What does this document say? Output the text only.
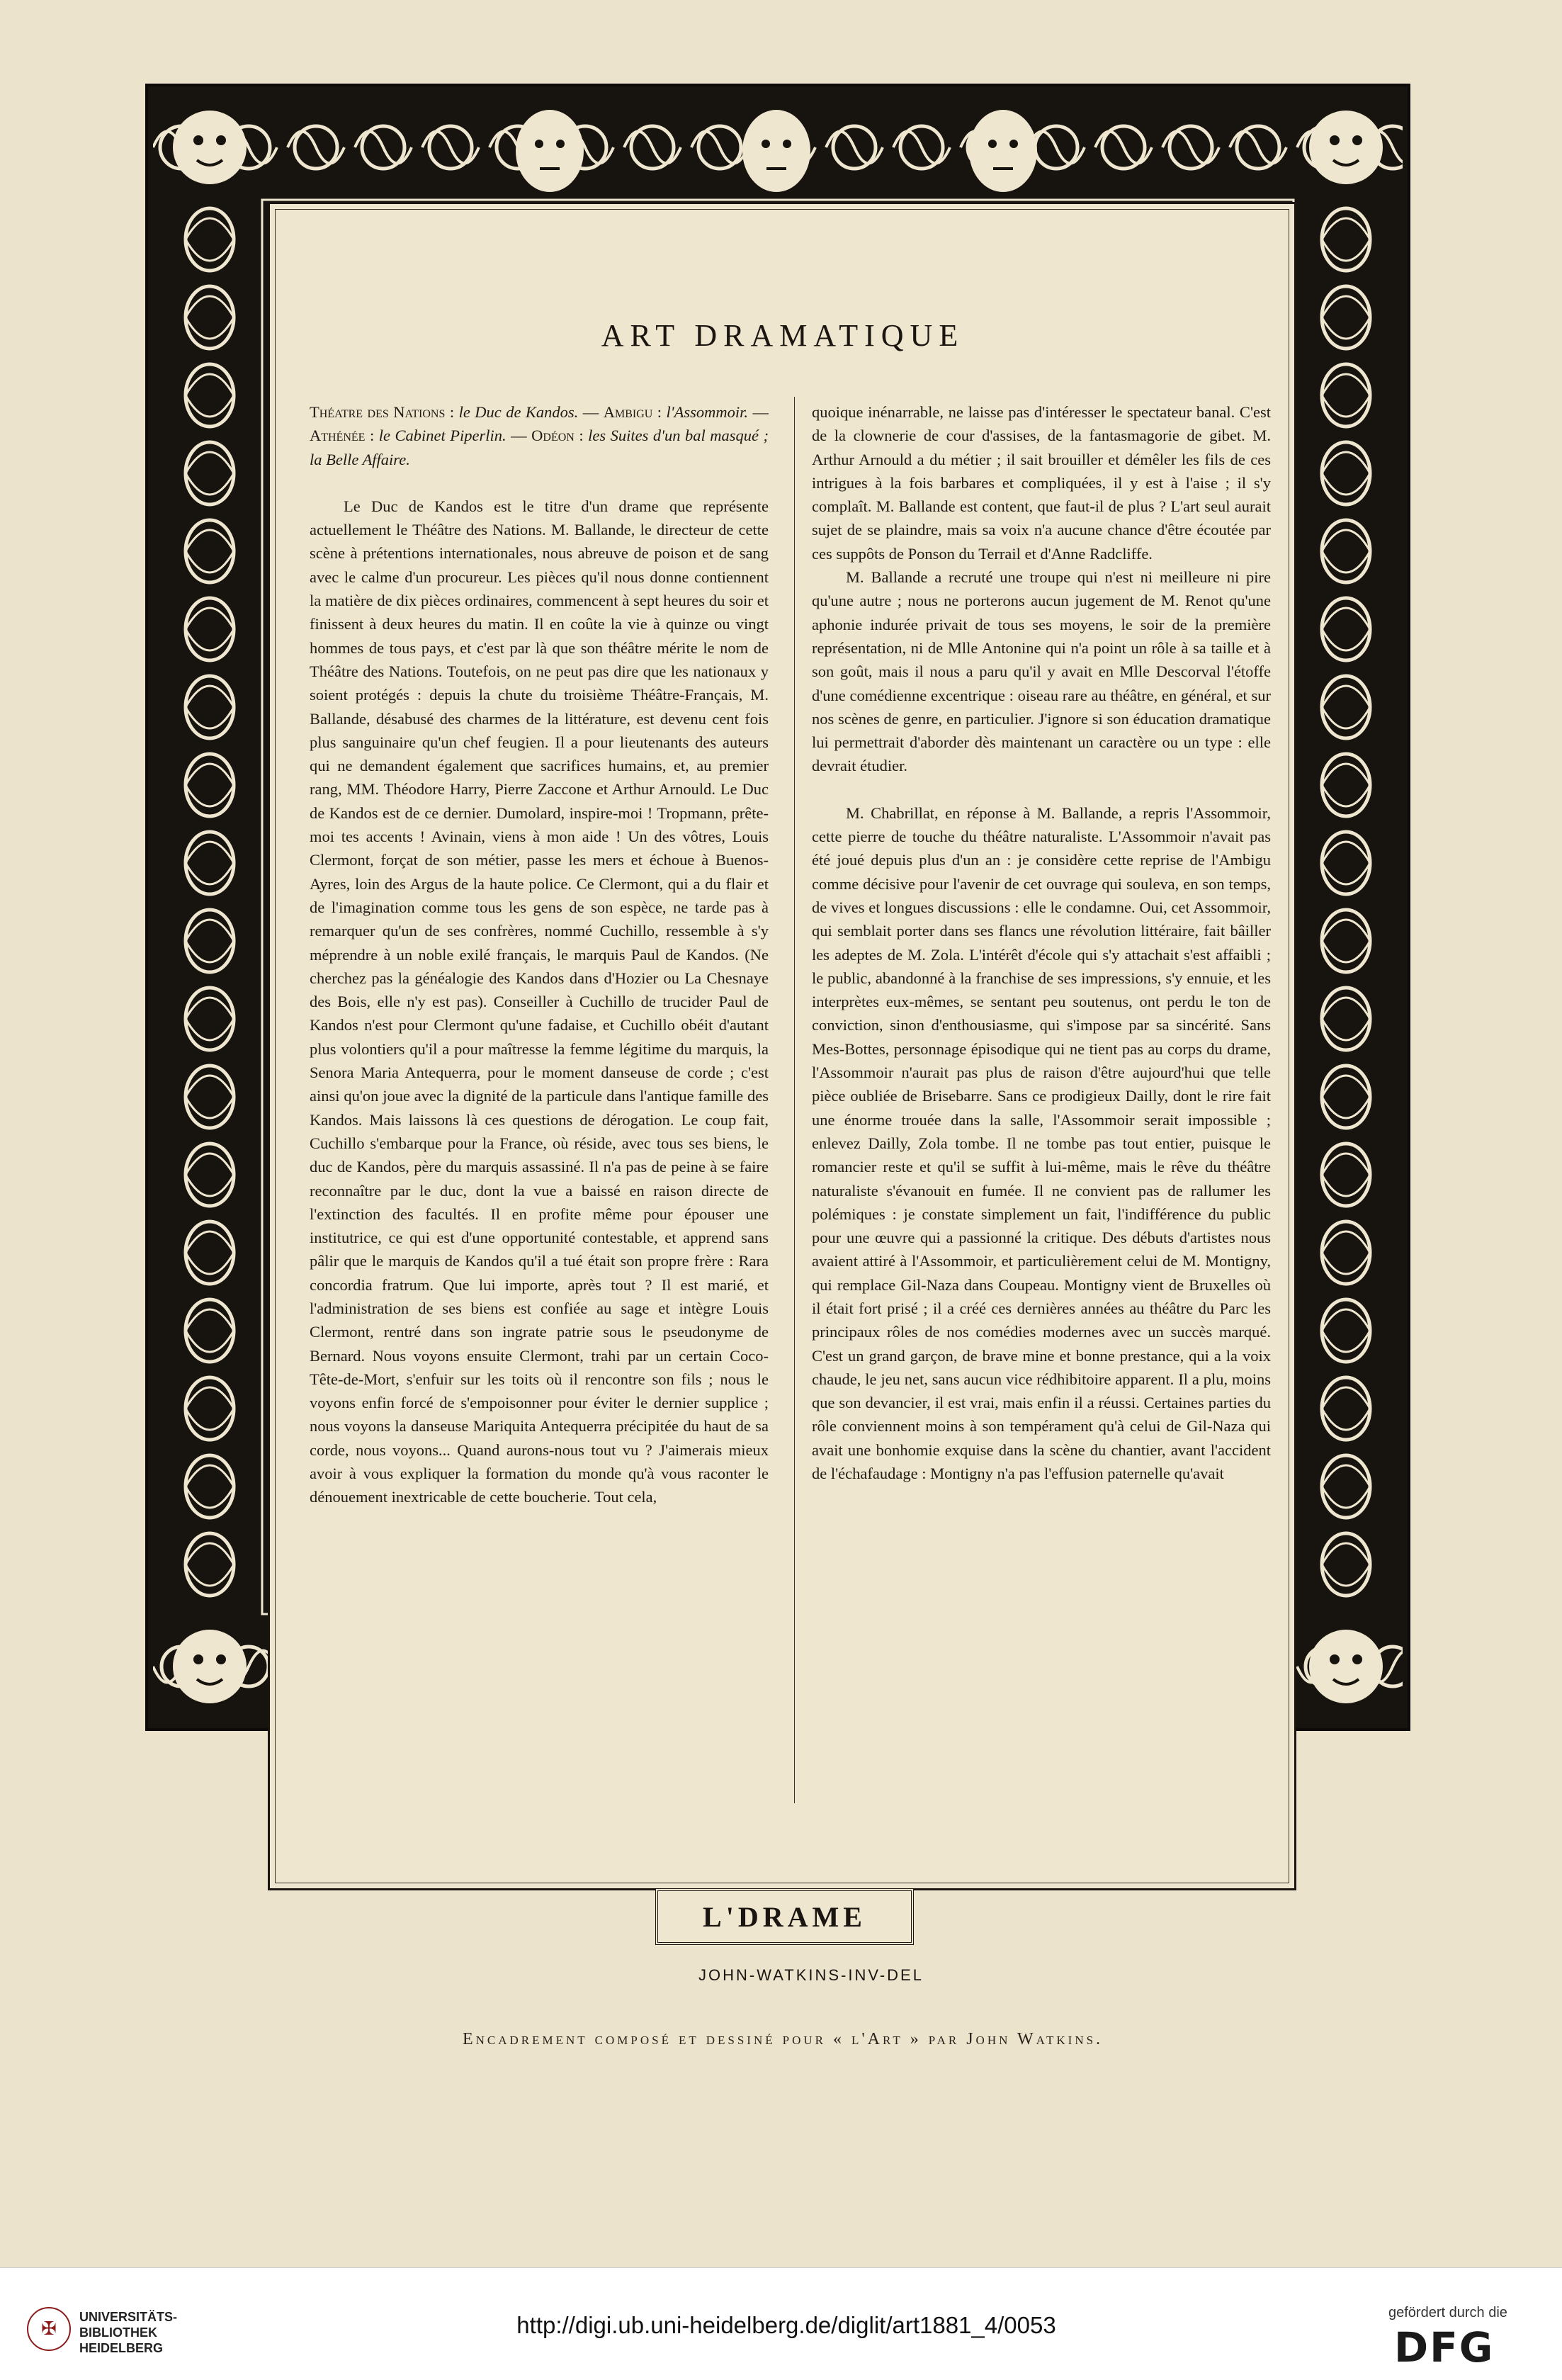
ART DRAMATIQUE

Théatre des Nations : le Duc de Kandos. — Ambigu : l'Assommoir. — Athénée : le Cabinet Piperlin. — Odéon : les Suites d'un bal masqué ; la Belle Affaire.

Le Duc de Kandos est le titre d'un drame que représente actuellement le Théâtre des Nations. M. Ballande, le directeur de cette scène à prétentions internationales, nous abreuve de poison et de sang avec le calme d'un procureur. Les pièces qu'il nous donne contiennent la matière de dix pièces ordinaires, commencent à sept heures du soir et finissent à deux heures du matin. Il en coûte la vie à quinze ou vingt hommes de tous pays, et c'est par là que son théâtre mérite le nom de Théâtre des Nations. Toutefois, on ne peut pas dire que les nationaux y soient protégés : depuis la chute du troisième Théâtre-Français, M. Ballande, désabusé des charmes de la littérature, est devenu cent fois plus sanguinaire qu'un chef feugien. Il a pour lieutenants des auteurs qui ne demandent également que sacrifices humains, et, au premier rang, MM. Théodore Harry, Pierre Zaccone et Arthur Arnould. Le Duc de Kandos est de ce dernier. Dumolard, inspire-moi ! Tropmann, prête-moi tes accents ! Avinain, viens à mon aide ! Un des vôtres, Louis Clermont, forçat de son métier, passe les mers et échoue à Buenos-Ayres, loin des Argus de la haute police. Ce Clermont, qui a du flair et de l'imagination comme tous les gens de son espèce, ne tarde pas à remarquer qu'un de ses confrères, nommé Cuchillo, ressemble à s'y méprendre à un noble exilé français, le marquis Paul de Kandos. (Ne cherchez pas la généalogie des Kandos dans d'Hozier ou La Chesnaye des Bois, elle n'y est pas). Conseiller à Cuchillo de trucider Paul de Kandos n'est pour Clermont qu'une fadaise, et Cuchillo obéit d'autant plus volontiers qu'il a pour maîtresse la femme légitime du marquis, la Senora Maria Antequerra, pour le moment danseuse de corde ; c'est ainsi qu'on joue avec la dignité de la particule dans l'antique famille des Kandos. Mais laissons là ces questions de dérogation. Le coup fait, Cuchillo s'embarque pour la France, où réside, avec tous ses biens, le duc de Kandos, père du marquis assassiné. Il n'a pas de peine à se faire reconnaître par le duc, dont la vue a baissé en raison directe de l'extinction des facultés. Il en profite même pour épouser une institutrice, ce qui est d'une opportunité contestable, et apprend sans pâlir que le marquis de Kandos qu'il a tué était son propre frère : Rara concordia fratrum. Que lui importe, après tout ? Il est marié, et l'administration de ses biens est confiée au sage et intègre Louis Clermont, rentré dans son ingrate patrie sous le pseudonyme de Bernard. Nous voyons ensuite Clermont, trahi par un certain Coco-Tête-de-Mort, s'enfuir sur les toits où il rencontre son fils ; nous le voyons enfin forcé de s'empoisonner pour éviter le dernier supplice ; nous voyons la danseuse Mariquita Antequerra précipitée du haut de sa corde, nous voyons... Quand aurons-nous tout vu ? J'aimerais mieux avoir à vous expliquer la formation du monde qu'à vous raconter le dénouement inextricable de cette boucherie. Tout cela,

quoique inénarrable, ne laisse pas d'intéresser le spectateur banal. C'est de la clownerie de cour d'assises, de la fantasmagorie de gibet. M. Arthur Arnould a du métier ; il sait brouiller et démêler les fils de ces intrigues à la fois barbares et compliquées, il y est à l'aise ; il s'y complaît. M. Ballande est content, que faut-il de plus ? L'art seul aurait sujet de se plaindre, mais sa voix n'a aucune chance d'être écoutée par ces suppôts de Ponson du Terrail et d'Anne Radcliffe.

M. Ballande a recruté une troupe qui n'est ni meilleure ni pire qu'une autre ; nous ne porterons aucun jugement de M. Renot qu'une aphonie indurée privait de tous ses moyens, le soir de la première représentation, ni de Mlle Antonine qui n'a point un rôle à sa taille et à son goût, mais il nous a paru qu'il y avait en Mlle Descorval l'étoffe d'une comédienne excentrique : oiseau rare au théâtre, en général, et sur nos scènes de genre, en particulier. J'ignore si son éducation dramatique lui permettrait d'aborder dès maintenant un caractère ou un type : elle devrait étudier.

M. Chabrillat, en réponse à M. Ballande, a repris l'Assommoir, cette pierre de touche du théâtre naturaliste. L'Assommoir n'avait pas été joué depuis plus d'un an : je considère cette reprise de l'Ambigu comme décisive pour l'avenir de cet ouvrage qui souleva, en son temps, de vives et longues discussions : elle le condamne. Oui, cet Assommoir, qui semblait porter dans ses flancs une révolution littéraire, fait bâiller les adeptes de M. Zola. L'intérêt d'école qui s'y attachait s'est affaibli ; le public, abandonné à la franchise de ses impressions, s'y ennuie, et les interprètes eux-mêmes, se sentant peu soutenus, ont perdu le ton de conviction, sinon d'enthousiasme, qui s'impose par sa sincérité. Sans Mes-Bottes, personnage épisodique qui ne tient pas au corps du drame, l'Assommoir n'aurait pas plus de raison d'être aujourd'hui que telle pièce oubliée de Brisebarre. Sans ce prodigieux Dailly, dont le rire fait une énorme trouée dans la salle, l'Assommoir serait impossible ; enlevez Dailly, Zola tombe. Il ne tombe pas tout entier, puisque le romancier reste et qu'il se suffit à lui-même, mais le rêve du théâtre naturaliste s'évanouit en fumée. Il ne convient pas de rallumer les polémiques : je constate simplement un fait, l'indifférence du public pour une œuvre qui a passionné la critique. Des débuts d'artistes nous avaient attiré à l'Assommoir, et particulièrement celui de M. Montigny, qui remplace Gil-Naza dans Coupeau. Montigny vient de Bruxelles où il était fort prisé ; il a créé ces dernières années au théâtre du Parc les principaux rôles de nos comédies modernes avec un succès marqué. C'est un grand garçon, de brave mine et bonne prestance, qui a la voix chaude, le jeu net, sans aucun vice rédhibitoire apparent. Il a plu, moins que son devancier, il est vrai, mais enfin il a réussi. Certaines parties du rôle conviennent moins à son tempérament qu'à celui de Gil-Naza qui avait une bonhomie exquise dans la scène du chantier, avant l'accident de l'échafaudage : Montigny n'a pas l'effusion paternelle qu'avait

L'DRAME
JOHN-WATKINS-INV-DEL
Encadrement composé et dessiné pour « l'Art » par John Watkins.
✠
UNIVERSITÄTS-
BIBLIOTHEK
HEIDELBERG
http://digi.ub.uni-heidelberg.de/diglit/art1881_4/0053	gefördert durch die
DFG
